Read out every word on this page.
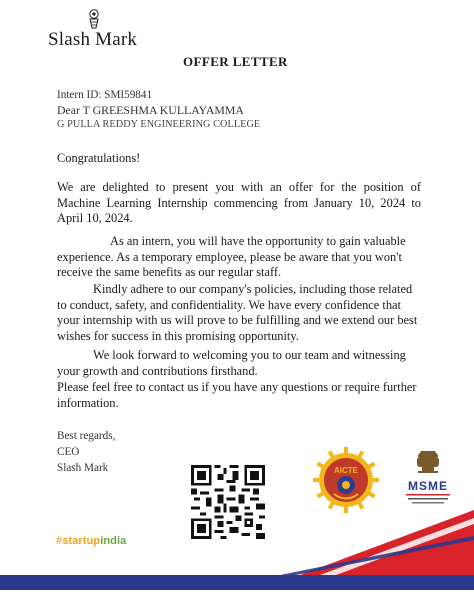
Slash Mark
OFFER LETTER
Intern ID: SMI59841
Dear T GREESHMA KULLAYAMMA
G PULLA REDDY ENGINEERING COLLEGE
Congratulations!
We are delighted to present you with an offer for the position of
Machine Learning Internship commencing from January 10, 2024 to
April 10, 2024.
As an intern, you will have the opportunity to gain valuable experience. As a temporary employee, please be aware that you won't receive the same benefits as our regular staff.
Kindly adhere to our company's policies, including those related to conduct, safety, and confidentiality. We have every confidence that your internship with us will prove to be fulfilling and we extend our best wishes for success in this promising opportunity.
We look forward to welcoming you to our team and witnessing your growth and contributions firsthand.
Please feel free to contact us if you have any questions or require further information.
Best regards,
CEO
Slash Mark	AICTE
MSME
#startupindia
